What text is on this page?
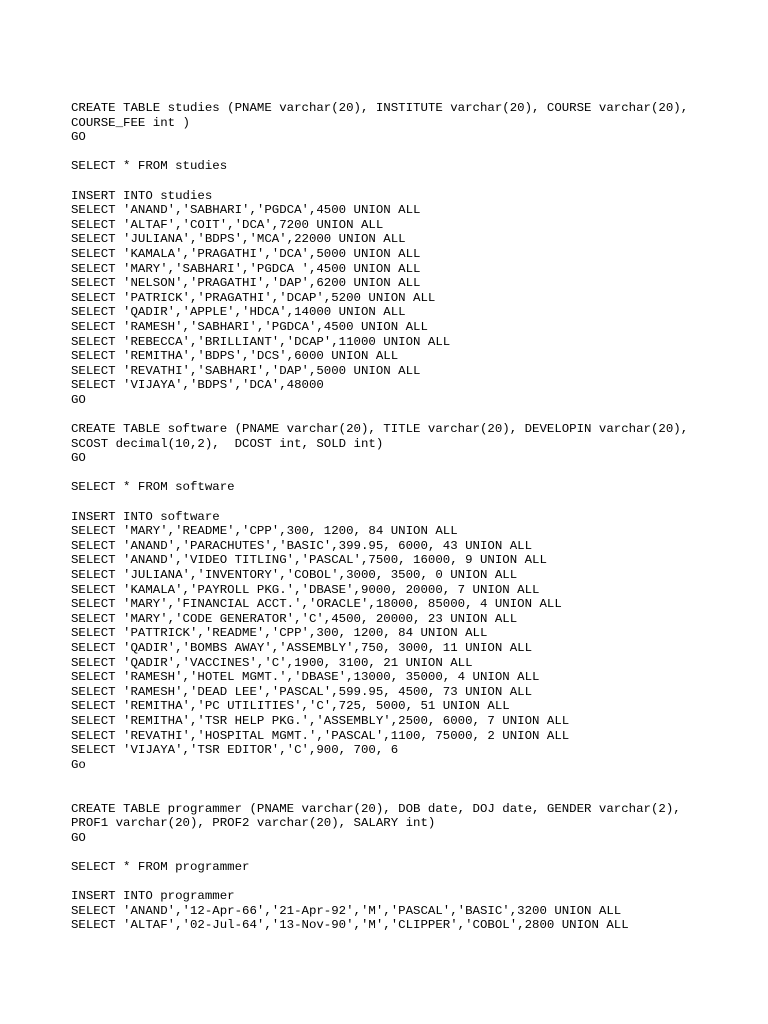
CREATE TABLE studies (PNAME varchar(20), INSTITUTE varchar(20), COURSE varchar(20),
COURSE_FEE int )
GO
SELECT * FROM studies
INSERT INTO studies
SELECT 'ANAND','SABHARI','PGDCA',4500 UNION ALL
SELECT 'ALTAF','COIT','DCA',7200 UNION ALL
SELECT 'JULIANA','BDPS','MCA',22000 UNION ALL
SELECT 'KAMALA','PRAGATHI','DCA',5000 UNION ALL
SELECT 'MARY','SABHARI','PGDCA ',4500 UNION ALL
SELECT 'NELSON','PRAGATHI','DAP',6200 UNION ALL
SELECT 'PATRICK','PRAGATHI','DCAP',5200 UNION ALL
SELECT 'QADIR','APPLE','HDCA',14000 UNION ALL
SELECT 'RAMESH','SABHARI','PGDCA',4500 UNION ALL
SELECT 'REBECCA','BRILLIANT','DCAP',11000 UNION ALL
SELECT 'REMITHA','BDPS','DCS',6000 UNION ALL
SELECT 'REVATHI','SABHARI','DAP',5000 UNION ALL
SELECT 'VIJAYA','BDPS','DCA',48000
GO
CREATE TABLE software (PNAME varchar(20), TITLE varchar(20), DEVELOPIN varchar(20),
SCOST decimal(10,2),  DCOST int, SOLD int)
GO
SELECT * FROM software
INSERT INTO software
SELECT 'MARY','README','CPP',300, 1200, 84 UNION ALL
SELECT 'ANAND','PARACHUTES','BASIC',399.95, 6000, 43 UNION ALL
SELECT 'ANAND','VIDEO TITLING','PASCAL',7500, 16000, 9 UNION ALL
SELECT 'JULIANA','INVENTORY','COBOL',3000, 3500, 0 UNION ALL
SELECT 'KAMALA','PAYROLL PKG.','DBASE',9000, 20000, 7 UNION ALL
SELECT 'MARY','FINANCIAL ACCT.','ORACLE',18000, 85000, 4 UNION ALL
SELECT 'MARY','CODE GENERATOR','C',4500, 20000, 23 UNION ALL
SELECT 'PATTRICK','README','CPP',300, 1200, 84 UNION ALL
SELECT 'QADIR','BOMBS AWAY','ASSEMBLY',750, 3000, 11 UNION ALL
SELECT 'QADIR','VACCINES','C',1900, 3100, 21 UNION ALL
SELECT 'RAMESH','HOTEL MGMT.','DBASE',13000, 35000, 4 UNION ALL
SELECT 'RAMESH','DEAD LEE','PASCAL',599.95, 4500, 73 UNION ALL
SELECT 'REMITHA','PC UTILITIES','C',725, 5000, 51 UNION ALL
SELECT 'REMITHA','TSR HELP PKG.','ASSEMBLY',2500, 6000, 7 UNION ALL
SELECT 'REVATHI','HOSPITAL MGMT.','PASCAL',1100, 75000, 2 UNION ALL
SELECT 'VIJAYA','TSR EDITOR','C',900, 700, 6
Go
CREATE TABLE programmer (PNAME varchar(20), DOB date, DOJ date, GENDER varchar(2),
PROF1 varchar(20), PROF2 varchar(20), SALARY int)
GO
SELECT * FROM programmer
INSERT INTO programmer
SELECT 'ANAND','12-Apr-66','21-Apr-92','M','PASCAL','BASIC',3200 UNION ALL
SELECT 'ALTAF','02-Jul-64','13-Nov-90','M','CLIPPER','COBOL',2800 UNION ALL
